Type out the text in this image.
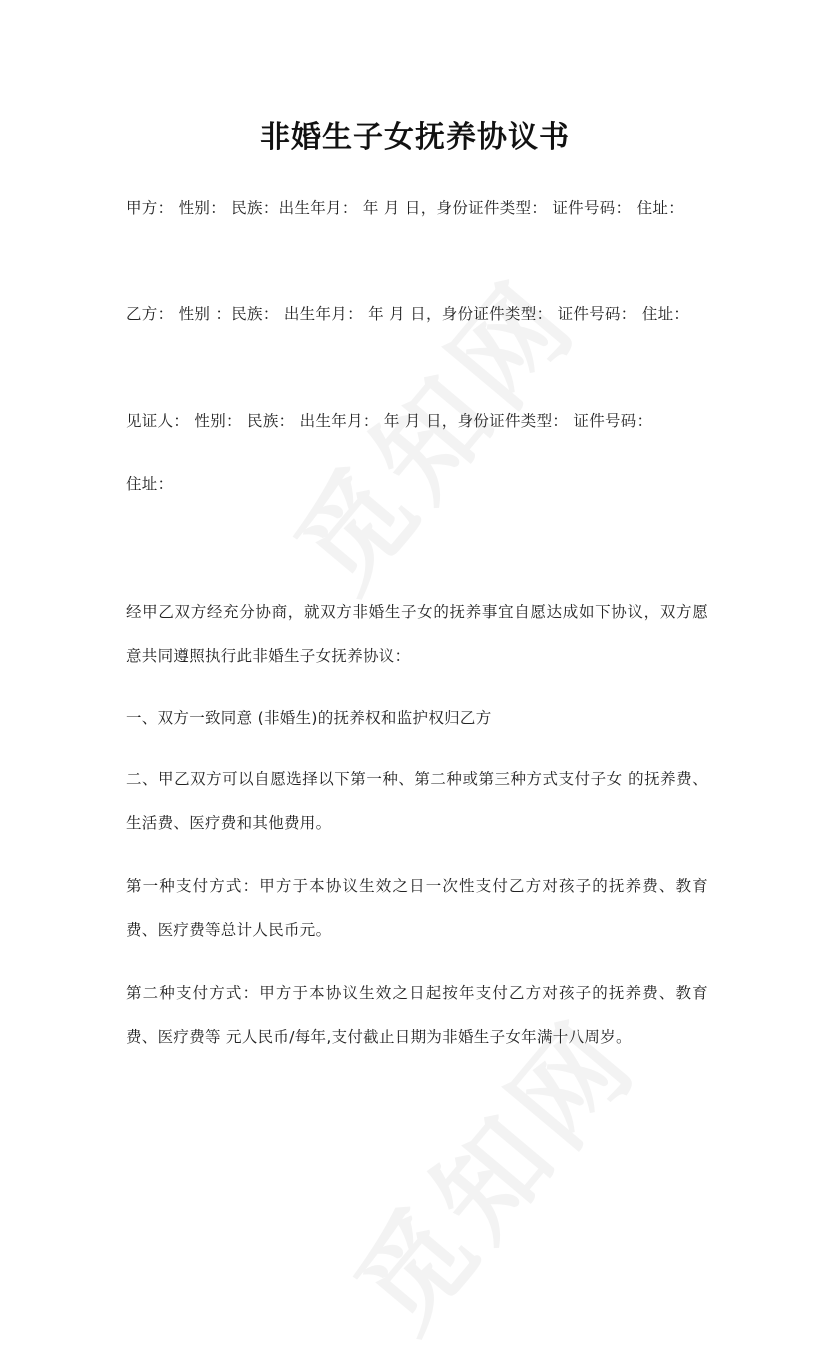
非婚生子女抚养协议书
甲方： 性别： 民族：出生年月： 年 月 日，身份证件类型： 证件号码： 住址：
乙方： 性别 ：民族： 出生年月： 年 月 日，身份证件类型： 证件号码： 住址：
见证人： 性别： 民族： 出生年月： 年 月 日，身份证件类型： 证件号码：
住址：
经甲乙双方经充分协商，就双方非婚生子女的抚养事宜自愿达成如下协议，双方愿意共同遵照执行此非婚生子女抚养协议：
一、双方一致同意 (非婚生)的抚养权和监护权归乙方
二、甲乙双方可以自愿选择以下第一种、第二种或第三种方式支付子女 的抚养费、生活费、医疗费和其他费用。
第一种支付方式：甲方于本协议生效之日一次性支付乙方对孩子的抚养费、教育费、医疗费等总计人民币元。
第二种支付方式：甲方于本协议生效之日起按年支付乙方对孩子的抚养费、教育费、医疗费等 元人民币/每年,支付截止日期为非婚生子女年满十八周岁。
